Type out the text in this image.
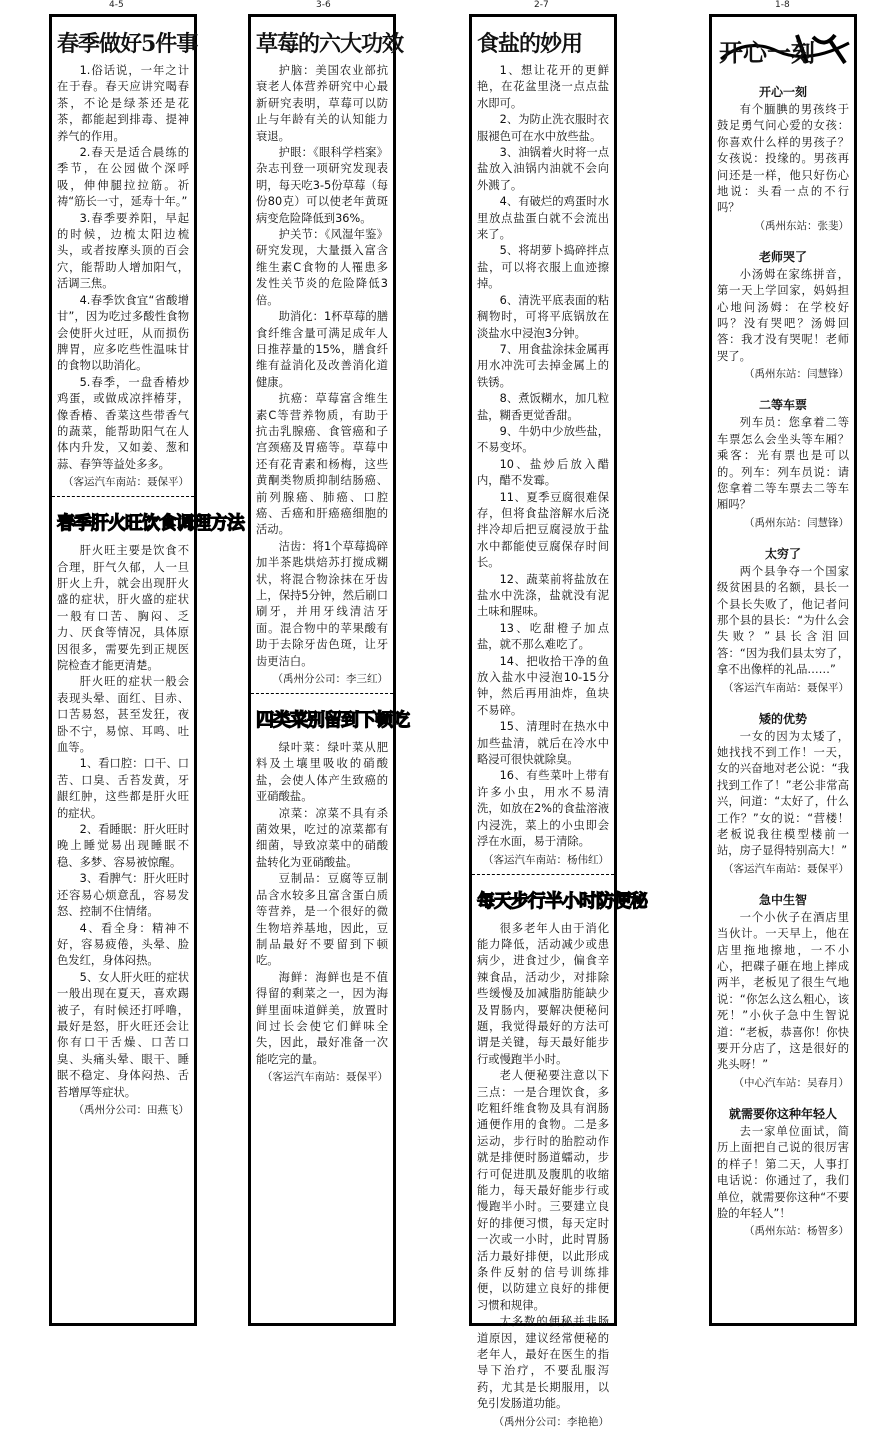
4-5	3-6	2-7	1-8
春季做好5件事

1.俗话说，一年之计在于春。春天应讲究喝春茶，不论是绿茶还是花茶，都能起到排毒、提神养气的作用。

2.春天是适合晨练的季节，在公园做个深呼吸，伸伸腿拉拉筋。祈祷“筋长一寸，延寿十年。”

3.春季要养阳，早起的时候，边梳太阳边梳头，或者按摩头顶的百会穴，能帮助人增加阳气，活调三焦。

4.春季饮食宜“省酸增甘”，因为吃过多酸性食物会使肝火过旺，从而损伤脾胃，应多吃些性温味甘的食物以助消化。

5.春季，一盘香椿炒鸡蛋，或做成凉拌椿芽，像香椿、香菜这些带香气的蔬菜，能帮助阳气在人体内升发，又如姜、葱和蒜、春笋等益处多多。

（客运汽车南站：聂保平）

春季肝火旺饮食调理方法

肝火旺主要是饮食不合理，肝气久郁，人一旦肝火上升，就会出现肝火盛的症状，肝火盛的症状一般有口苦、胸闷、乏力、厌食等情况，具体原因很多，需要先到正规医院检查才能更清楚。

肝火旺的症状一般会表现头晕、面红、目赤、口苦易怒，甚至发狂，夜卧不宁，易惊、耳鸣、吐血等。

1、看口腔：口干、口苦、口臭、舌苔发黄，牙龈红肿，这些都是肝火旺的症状。

2、看睡眠：肝火旺时晚上睡觉易出现睡眠不稳、多梦、容易被惊醒。

3、看脾气：肝火旺时还容易心烦意乱，容易发怒、控制不住情绪。

4、看全身：精神不好，容易疲倦，头晕、脸色发红，身体闷热。

5、女人肝火旺的症状一般出现在夏天，喜欢踢被子，有时候还打呼噜，最好是怒，肝火旺还会让你有口干舌燥、口苦口臭、头痛头晕、眼干、睡眠不稳定、身体闷热、舌苔增厚等症状。

（禹州分公司：田燕飞）

草莓的六大功效

护脑：美国农业部抗衰老人体营养研究中心最新研究表明，草莓可以防止与年龄有关的认知能力衰退。

护眼：《眼科学档案》杂志刊登一项研究发现表明，每天吃3-5份草莓（每份80克）可以使老年黄斑病变危险降低到36%。

护关节：《风湿年鉴》研究发现，大量摄入富含维生素C食物的人罹患多发性关节炎的危险降低3倍。

助消化：1杯草莓的膳食纤维含量可满足成年人日推荐量的15%，膳食纤维有益消化及改善消化道健康。

抗癌：草莓富含维生素C等营养物质，有助于抗击乳腺癌、食管癌和子宫颈癌及胃癌等。草莓中还有花青素和杨梅，这些黄酮类物质抑制结肠癌、前列腺癌、肺癌、口腔癌、舌癌和肝癌癌细胞的活动。

洁齿：将1个草莓捣碎加半茶匙烘焙苏打搅成糊状，将混合物涂抹在牙齿上，保持5分钟，然后刷口刷牙，并用牙线清洁牙面。混合物中的苹果酸有助于去除牙齿色斑，让牙齿更洁白。

（禹州分公司：李三红）

四类菜别留到下顿吃

绿叶菜：绿叶菜从肥料及土壤里吸收的硝酸盐，会使人体产生致癌的亚硝酸盐。

凉菜：凉菜不具有杀菌效果，吃过的凉菜都有细菌，导致凉菜中的硝酸盐转化为亚硝酸盐。

豆制品：豆腐等豆制品含水较多且富含蛋白质等营养，是一个很好的微生物培养基地，因此，豆制品最好不要留到下顿吃。

海鲜：海鲜也是不值得留的剩菜之一，因为海鲜里面味道鲜美，放置时间过长会使它们鲜味全失，因此，最好准备一次能吃完的量。

（客运汽车南站：聂保平）

食盐的妙用

1、想让花开的更鲜艳，在花盆里浇一点点盐水即可。

2、为防止洗衣服时衣服褪色可在水中放些盐。

3、油锅着火时将一点盐放入油锅内油就不会向外溅了。

4、有破烂的鸡蛋时水里放点盐蛋白就不会流出来了。

5、将胡萝卜捣碎拌点盐，可以将衣服上血迹擦掉。

6、清洗平底表面的粘稠物时，可将平底锅放在淡盐水中浸泡3分钟。

7、用食盐涂抹金属再用水冲洗可去掉金属上的铁锈。

8、煮饭糊水，加几粒盐，糊香更觉香甜。

9、牛奶中少放些盐，不易变坏。

10、盐炒后放入醋内，醋不发霉。

11、夏季豆腐很难保存，但将食盐溶解水后浇拌冷却后把豆腐浸放于盐水中都能使豆腐保存时间长。

12、蔬菜前将盐放在盐水中洗涤，盐就没有泥土味和腥味。

13、吃甜橙子加点盐，就不那么难吃了。

14、把收拾干净的鱼放入盐水中浸泡10-15分钟，然后再用油炸，鱼块不易碎。

15、清理时在热水中加些盐清，就后在冷水中略浸可很快就除臭。

16、有些菜叶上带有许多小虫，用水不易清洗，如放在2%的食盐溶液内浸洗，菜上的小虫即会浮在水面，易于清除。

（客运汽车南站：杨伟红）

每天步行半小时防便秘

很多老年人由于消化能力降低，活动减少或患病少，进食过少，偏食辛辣食品，活动少，对排除些缓慢及加减脂肪能缺少及胃肠内，要解决便秘问题，我觉得最好的方法可谓是关键，每天最好能步行或慢跑半小时。

老人便秘要注意以下三点：一是合理饮食，多吃粗纤维食物及具有润肠通便作用的食物。二是多运动，步行时的胎腔动作就是排便时肠道蠕动，步行可促进肌及腹肌的收缩能力，每天最好能步行或慢跑半小时。三要建立良好的排便习惯，每天定时一次或一小时，此时胃肠活力最好排便，以此形成条件反射的信号训练排便，以防建立良好的排便习惯和规律。

大多数的便秘并非肠道原因，建议经常便秘的老年人，最好在医生的指导下治疗，不要乱服泻药，尤其是长期服用，以免引发肠道功能。

（禹州分公司：李艳艳）

开心一刻
开心一刻

有个腼腆的男孩终于鼓足勇气问心爱的女孩：你喜欢什么样的男孩子？女孩说：投缘的。男孩再问还是一样，他只好伤心地说：头看一点的不行吗？

（禹州东站：张斐）

老师哭了

小汤姆在家练拼音，第一天上学回家，妈妈担心地问汤姆：在学校好吗？没有哭吧？汤姆回答：我才没有哭呢！老师哭了。

（禹州东站：闫慧锋）

二等车票

列车员：您拿着二等车票怎么会坐头等车厢？乘客：光有票也是可以的。列车：列车员说：请您拿着二等车票去二等车厢吗？

（禹州东站：闫慧锋）

太穷了

两个县争夺一个国家级贫困县的名额，县长一个县长失败了，他记者问那个县的县长：“为什么会失败？”县长含泪回答：“因为我们县太穷了，拿不出像样的礼品……”

（客运汽车南站：聂保平）

矮的优势

一女的因为太矮了，她找找不到工作！一天，女的兴奋地对老公说：“我找到工作了！”老公非常高兴，问道：“太好了，什么工作？”女的说：“营楼！老板说我往模型楼前一站，房子显得特别高大！”

（客运汽车南站：聂保平）

急中生智

一个小伙子在酒店里当伙计。一天早上，他在店里拖地擦地，一不小心，把碟子砸在地上摔成两半，老板见了很生气地说：“你怎么这么粗心，该死！”小伙子急中生智说道：“老板，恭喜你！你快要开分店了，这是很好的兆头呀！”

（中心汽车站：吴春月）

就需要你这种年轻人

去一家单位面试，简历上面把自己说的很厉害的样子！第二天，人事打电话说：你通过了，我们单位，就需要你这种“不要脸的年轻人”！

（禹州东站：杨智多）
